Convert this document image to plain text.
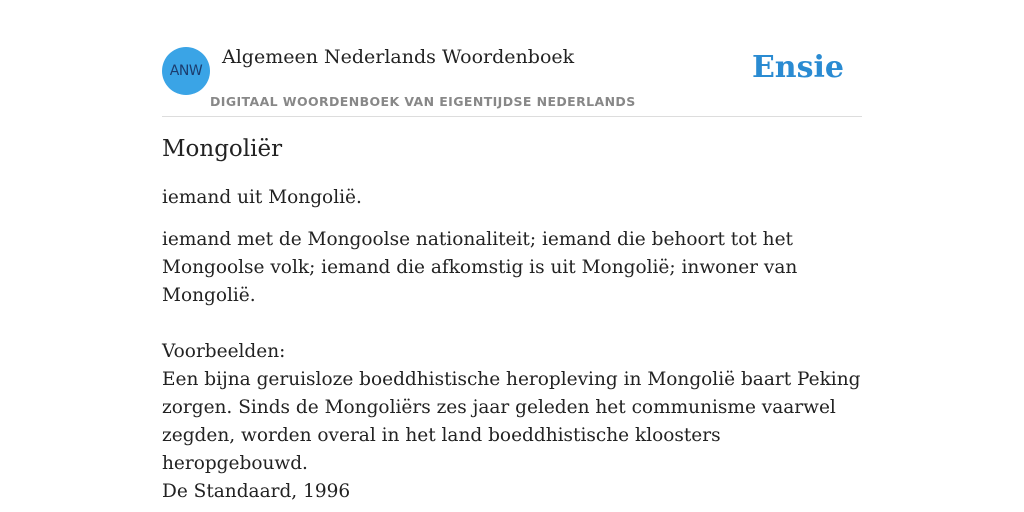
ANW
Algemeen Nederlands Woordenboek
DIGITAAL WOORDENBOEK VAN EIGENTIJDSE NEDERLANDS
Ensie
Mongoliër

iemand uit Mongolië.

iemand met de Mongoolse nationaliteit; iemand die behoort tot het Mongoolse volk; iemand die afkomstig is uit Mongolië; inwoner van Mongolië.

Voorbeelden:

Een bijna geruisloze boeddhistische heropleving in Mongolië baart Peking zorgen. Sinds de Mongoliërs zes jaar geleden het communisme vaarwel zegden, worden overal in het land boeddhistische kloosters heropgebouwd.

De Standaard, 1996
